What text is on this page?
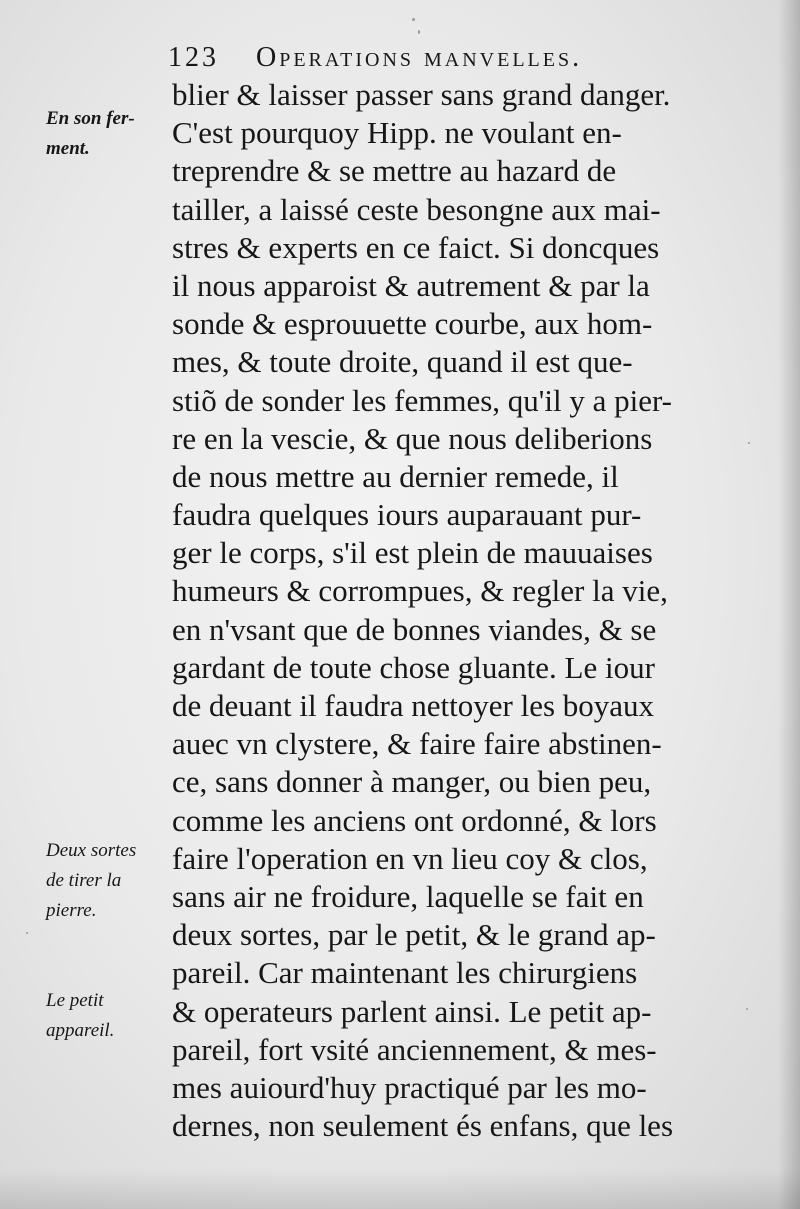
123 Operations manvelles.
En son fer-
ment.
Deux sortes
de tirer la
pierre.
Le petit
appareil.
blier & laisser passer sans grand danger.
C'est pourquoy Hipp. ne voulant en-
treprendre & se mettre au hazard de
tailler, a laissé ceste besongne aux mai-
stres & experts en ce faict. Si doncques
il nous apparoist & autrement & par la
sonde & esprouuette courbe, aux hom-
mes, & toute droite, quand il est que-
stiõ de sonder les femmes, qu'il y a pier-
re en la vescie, & que nous deliberions
de nous mettre au dernier remede, il
faudra quelques iours auparauant pur-
ger le corps, s'il est plein de mauuaises
humeurs & corrompues, & regler la vie,
en n'vsant que de bonnes viandes, & se
gardant de toute chose gluante. Le iour
de deuant il faudra nettoyer les boyaux
auec vn clystere, & faire faire abstinen-
ce, sans donner à manger, ou bien peu,
comme les anciens ont ordonné, & lors
faire l'operation en vn lieu coy & clos,
sans air ne froidure, laquelle se fait en
deux sortes, par le petit, & le grand ap-
pareil. Car maintenant les chirurgiens
& operateurs parlent ainsi. Le petit ap-
pareil, fort vsité anciennement, & mes-
mes auiourd'huy practiqué par les mo-
dernes, non seulement és enfans, que les
